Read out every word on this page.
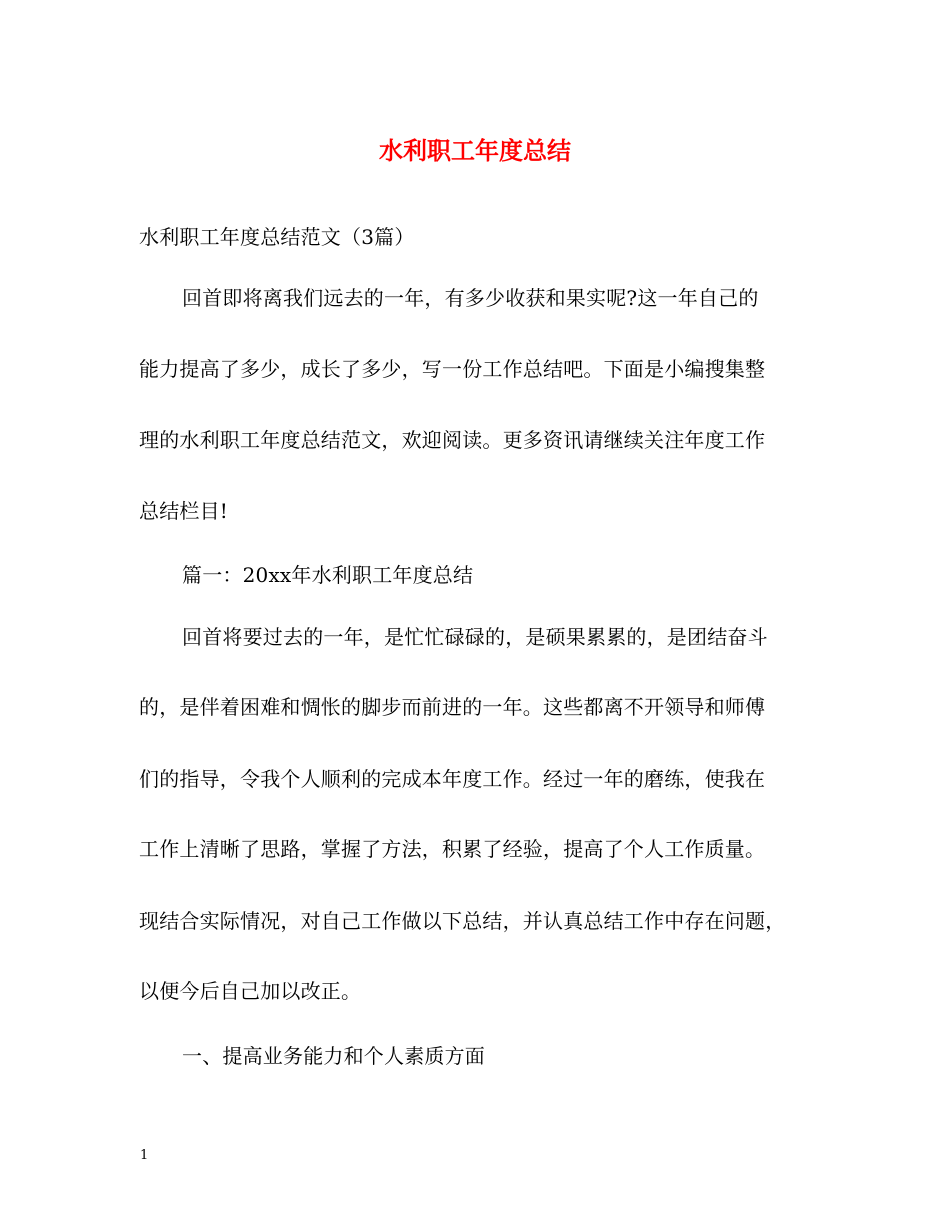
水利职工年度总结
水利职工年度总结范文（3篇）
回首即将离我们远去的一年，有多少收获和果实呢?这一年自己的
能力提高了多少，成长了多少，写一份工作总结吧。下面是小编搜集整
理的水利职工年度总结范文，欢迎阅读。更多资讯请继续关注年度工作
总结栏目!
篇一：20xx年水利职工年度总结
回首将要过去的一年，是忙忙碌碌的，是硕果累累的，是团结奋斗
的，是伴着困难和惆怅的脚步而前进的一年。这些都离不开领导和师傅
们的指导，令我个人顺利的完成本年度工作。经过一年的磨练，使我在
工作上清晰了思路，掌握了方法，积累了经验，提高了个人工作质量。
现结合实际情况，对自己工作做以下总结，并认真总结工作中存在问题，
以便今后自己加以改正。
一、提高业务能力和个人素质方面
1
